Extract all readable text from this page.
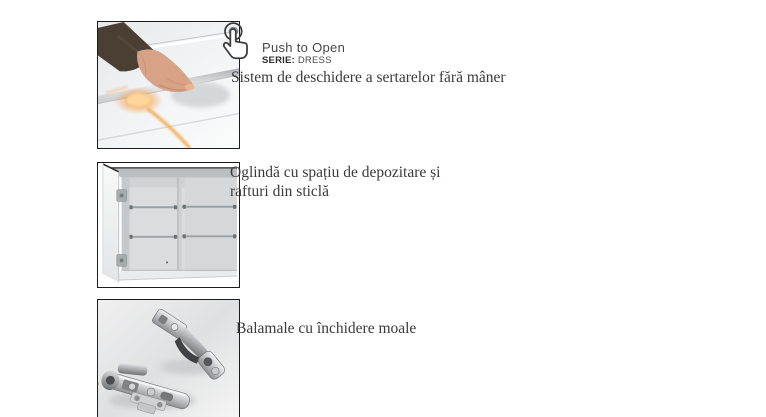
Push to Open
SERIE: DRESS

Sistem de deschidere a sertarelor fără mâner

Oglindă cu spațiu de depozitare și
rafturi din sticlă

Balamale cu închidere moale
